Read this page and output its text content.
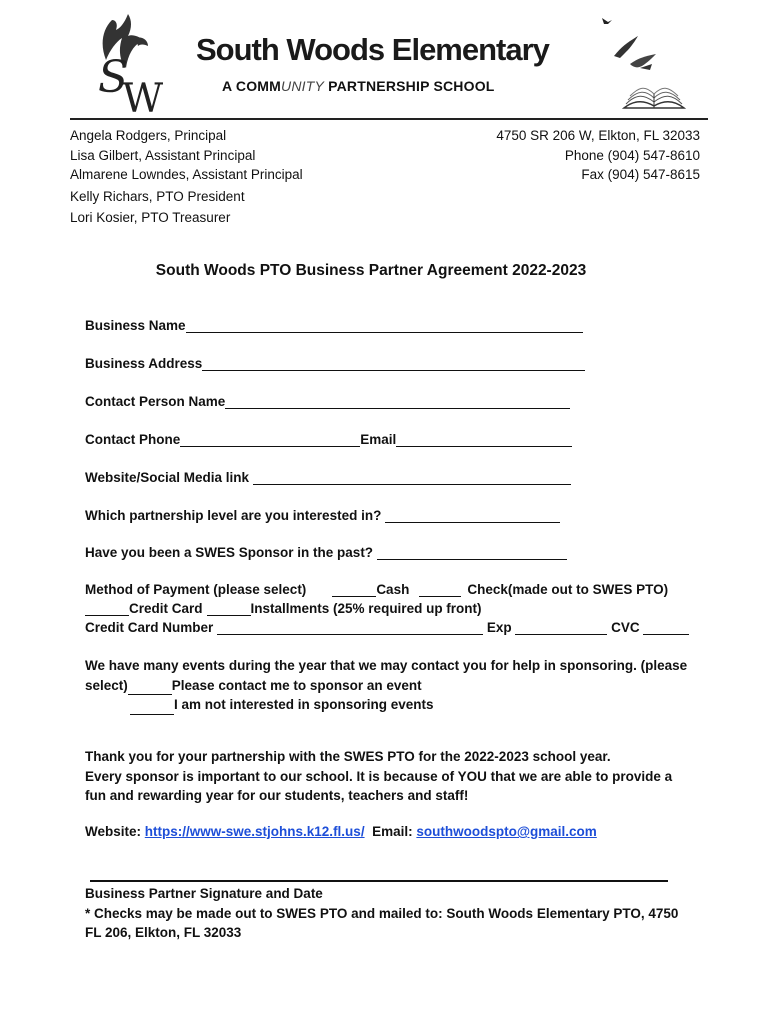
S
W
South Woods Elementary
A COMMUNITY PARTNERSHIP SCHOOL
Angela Rodgers, Principal
Lisa Gilbert, Assistant Principal
Almarene Lowndes, Assistant Principal
Kelly Richars, PTO President
Lori Kosier, PTO Treasurer
4750 SR 206 W, Elkton, FL 32033
Phone (904) 547-8610
Fax (904) 547-8615
South Woods PTO Business Partner Agreement 2022-2023
Business Name
Business Address
Contact Person Name
Contact Phone	Email
Website/Social Media link

Which partnership level are you interested in?

Have you been a SWES Sponsor in the past?

Method of Payment (please select)	Cash	Check(made out to SWES PTO)
Credit Card	Installments (25% required up front)
Credit Card Number

	Exp

	CVC

We have many events during the year that we may contact you for help in sponsoring. (please
select)	Please contact me to sponsor an event
I am not interested in sponsoring events
Thank you for your partnership with the SWES PTO for the 2022-2023 school year.
Every sponsor is important to our school. It is because of YOU that we are able to provide a
fun and rewarding year for our students, teachers and staff!
Website: https://www-swe.stjohns.k12.fl.us/ Email: southwoodspto@gmail.com
Business Partner Signature and Date
* Checks may be made out to SWES PTO and mailed to: South Woods Elementary PTO, 4750
FL 206, Elkton, FL 32033
